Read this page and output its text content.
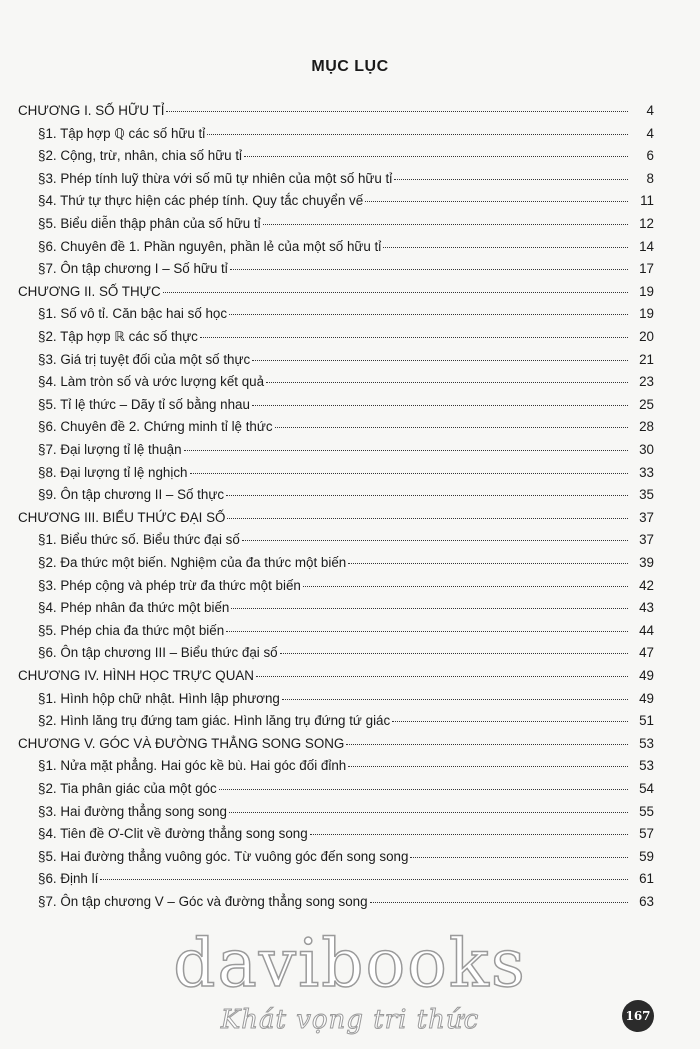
MỤC LỤC
CHƯƠNG I. SỐ HỮU TỈ	4
§1. Tập hợp ℚ các số hữu tỉ	4
§2. Cộng, trừ, nhân, chia số hữu tỉ	6
§3. Phép tính luỹ thừa với số mũ tự nhiên của một số hữu tỉ	8
§4. Thứ tự thực hiện các phép tính. Quy tắc chuyển vế	11
§5. Biểu diễn thập phân của số hữu tỉ	12
§6. Chuyên đề 1. Phần nguyên, phần lẻ của một số hữu tỉ	14
§7. Ôn tập chương I – Số hữu tỉ	17
CHƯƠNG II. SỐ THỰC	19
§1. Số vô tỉ. Căn bậc hai số học	19
§2. Tập hợp ℝ các số thực	20
§3. Giá trị tuyệt đối của một số thực	21
§4. Làm tròn số và ước lượng kết quả	23
§5. Tỉ lệ thức – Dãy tỉ số bằng nhau	25
§6. Chuyên đề 2. Chứng minh tỉ lệ thức	28
§7. Đại lượng tỉ lệ thuận	30
§8. Đại lượng tỉ lệ nghịch	33
§9. Ôn tập chương II – Số thực	35
CHƯƠNG III. BIỂU THỨC ĐẠI SỐ	37
§1. Biểu thức số. Biểu thức đại số	37
§2. Đa thức một biến. Nghiệm của đa thức một biến	39
§3. Phép cộng và phép trừ đa thức một biến	42
§4. Phép nhân đa thức một biến	43
§5. Phép chia đa thức một biến	44
§6. Ôn tập chương III – Biểu thức đại số	47
CHƯƠNG IV. HÌNH HỌC TRỰC QUAN	49
§1. Hình hộp chữ nhật. Hình lập phương	49
§2. Hình lăng trụ đứng tam giác. Hình lăng trụ đứng tứ giác	51
CHƯƠNG V. GÓC VÀ ĐƯỜNG THẲNG SONG SONG	53
§1. Nửa mặt phẳng. Hai góc kề bù. Hai góc đối đỉnh	53
§2. Tia phân giác của một góc	54
§3. Hai đường thẳng song song	55
§4. Tiên đề Ơ-Clit về đường thẳng song song	57
§5. Hai đường thẳng vuông góc. Từ vuông góc đến song song	59
§6. Định lí	61
§7. Ôn tập chương V – Góc và đường thẳng song song	63
davibooks
Khát vọng tri thức	167
